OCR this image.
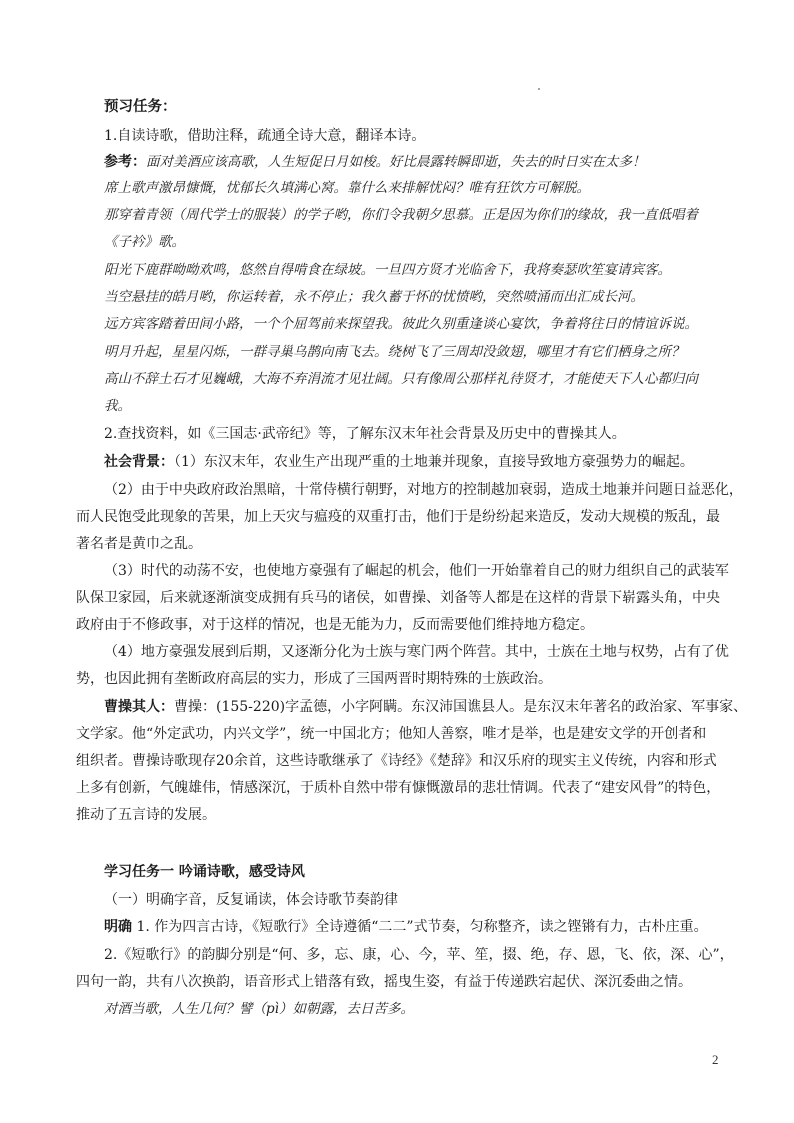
预习任务：
1.自读诗歌，借助注释，疏通全诗大意，翻译本诗。
参考：面对美酒应该高歌，人生短促日月如梭。好比晨露转瞬即逝，失去的时日实在太多！
席上歌声激昂慷慨，忧郁长久填满心窝。靠什么来排解忧闷？唯有狂饮方可解脱。
那穿着青领（周代学士的服装）的学子哟，你们令我朝夕思慕。正是因为你们的缘故，我一直低唱着
《子衿》歌。
阳光下鹿群呦呦欢鸣，悠然自得啃食在绿坡。一旦四方贤才光临舍下，我将奏瑟吹笙宴请宾客。
当空悬挂的皓月哟，你运转着，永不停止；我久蓄于怀的忧愤哟，突然喷涌而出汇成长河。
远方宾客踏着田间小路，一个个屈驾前来探望我。彼此久别重逢谈心宴饮，争着将往日的情谊诉说。
明月升起，星星闪烁，一群寻巢乌鹊向南飞去。绕树飞了三周却没敛翅，哪里才有它们栖身之所？
高山不辞土石才见巍峨，大海不弃涓流才见壮阔。只有像周公那样礼待贤才，才能使天下人心都归向
我。
2.查找资料，如《三国志·武帝纪》等，了解东汉末年社会背景及历史中的曹操其人。
社会背景：（1）东汉末年，农业生产出现严重的土地兼并现象，直接导致地方豪强势力的崛起。
（2）由于中央政府政治黑暗，十常侍横行朝野，对地方的控制越加衰弱，造成土地兼并问题日益恶化，
而人民饱受此现象的苦果，加上天灾与瘟疫的双重打击，他们于是纷纷起来造反，发动大规模的叛乱，最
著名者是黄巾之乱。
（3）时代的动荡不安，也使地方豪强有了崛起的机会，他们一开始靠着自己的财力组织自己的武装军
队保卫家园，后来就逐渐演变成拥有兵马的诸侯，如曹操、刘备等人都是在这样的背景下崭露头角，中央
政府由于不修政事，对于这样的情况，也是无能为力，反而需要他们维持地方稳定。
（4）地方豪强发展到后期，又逐渐分化为士族与寒门两个阵营。其中，士族在土地与权势，占有了优
势，也因此拥有垄断政府高层的实力，形成了三国两晋时期特殊的士族政治。
曹操其人：曹操：(155-220)字孟德，小字阿瞒。东汉沛国谯县人。是东汉末年著名的政治家、军事家、
文学家。他“外定武功，内兴文学”，统一中国北方；他知人善察，唯才是举，也是建安文学的开创者和
组织者。曹操诗歌现存20余首，这些诗歌继承了《诗经》《楚辞》和汉乐府的现实主义传统，内容和形式
上多有创新，气魄雄伟，情感深沉，于质朴自然中带有慷慨激昂的悲壮情调。代表了“建安风骨”的特色，
推动了五言诗的发展。
学习任务一 吟诵诗歌，感受诗风
（一）明确字音，反复诵读，体会诗歌节奏韵律
明确 1. 作为四言古诗，《短歌行》全诗遵循“二二”式节奏，匀称整齐，读之铿锵有力，古朴庄重。
2.《短歌行》的韵脚分别是“何、多，忘、康，心、今，苹、笙，掇、绝，存、恩，飞、依，深、心”，
四句一韵，共有八次换韵，语音形式上错落有致，摇曳生姿，有益于传递跌宕起伏、深沉委曲之情。
对酒当歌，人生几何？譬（pì）如朝露，去日苦多。
2
